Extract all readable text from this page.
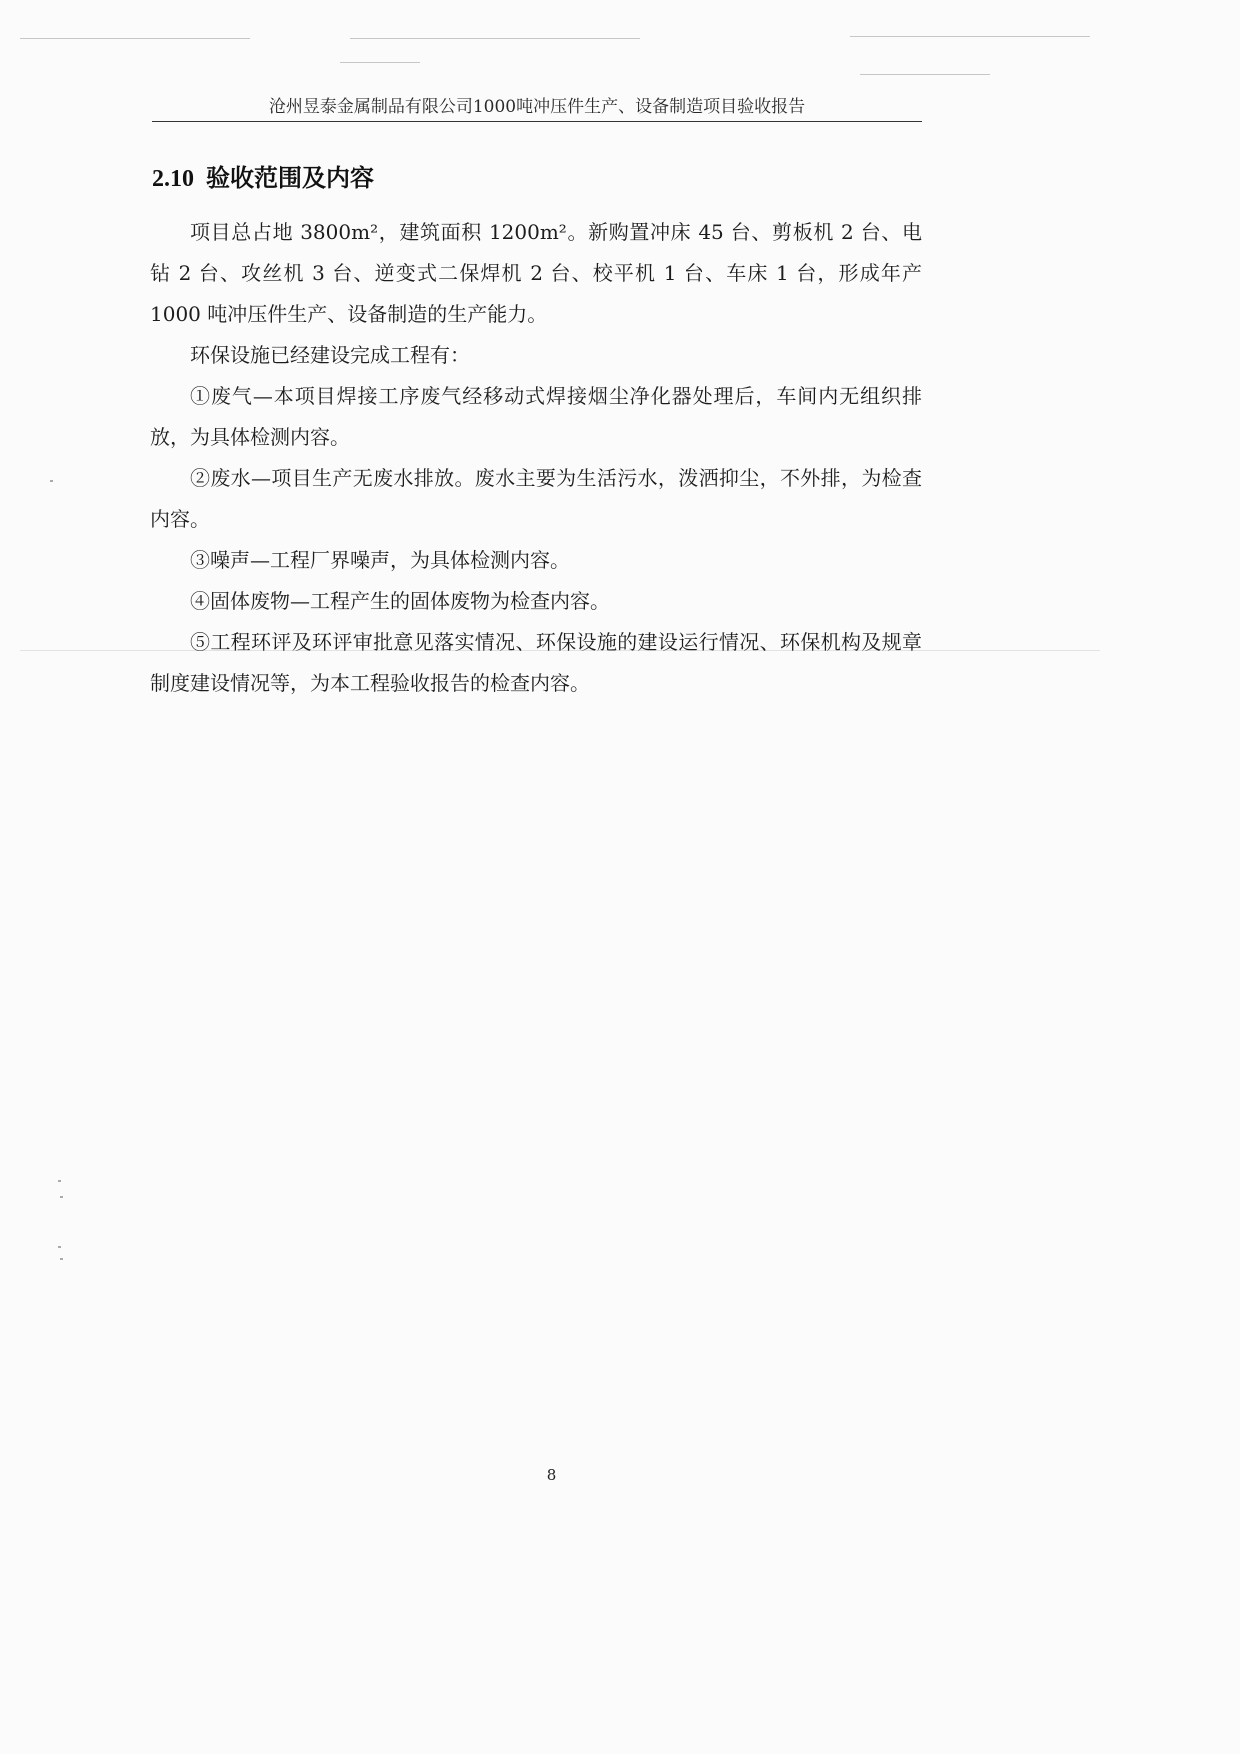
沧州昱泰金属制品有限公司1000吨冲压件生产、设备制造项目验收报告
2.10 验收范围及内容

项目总占地 3800m²，建筑面积 1200m²。新购置冲床 45 台、剪板机 2 台、电钻 2 台、攻丝机 3 台、逆变式二保焊机 2 台、校平机 1 台、车床 1 台，形成年产 1000 吨冲压件生产、设备制造的生产能力。

环保设施已经建设完成工程有：

①废气—本项目焊接工序废气经移动式焊接烟尘净化器处理后，车间内无组织排放，为具体检测内容。

②废水—项目生产无废水排放。废水主要为生活污水，泼洒抑尘，不外排，为检查内容。

③噪声—工程厂界噪声，为具体检测内容。

④固体废物—工程产生的固体废物为检查内容。

⑤工程环评及环评审批意见落实情况、环保设施的建设运行情况、环保机构及规章制度建设情况等，为本工程验收报告的检查内容。

8
